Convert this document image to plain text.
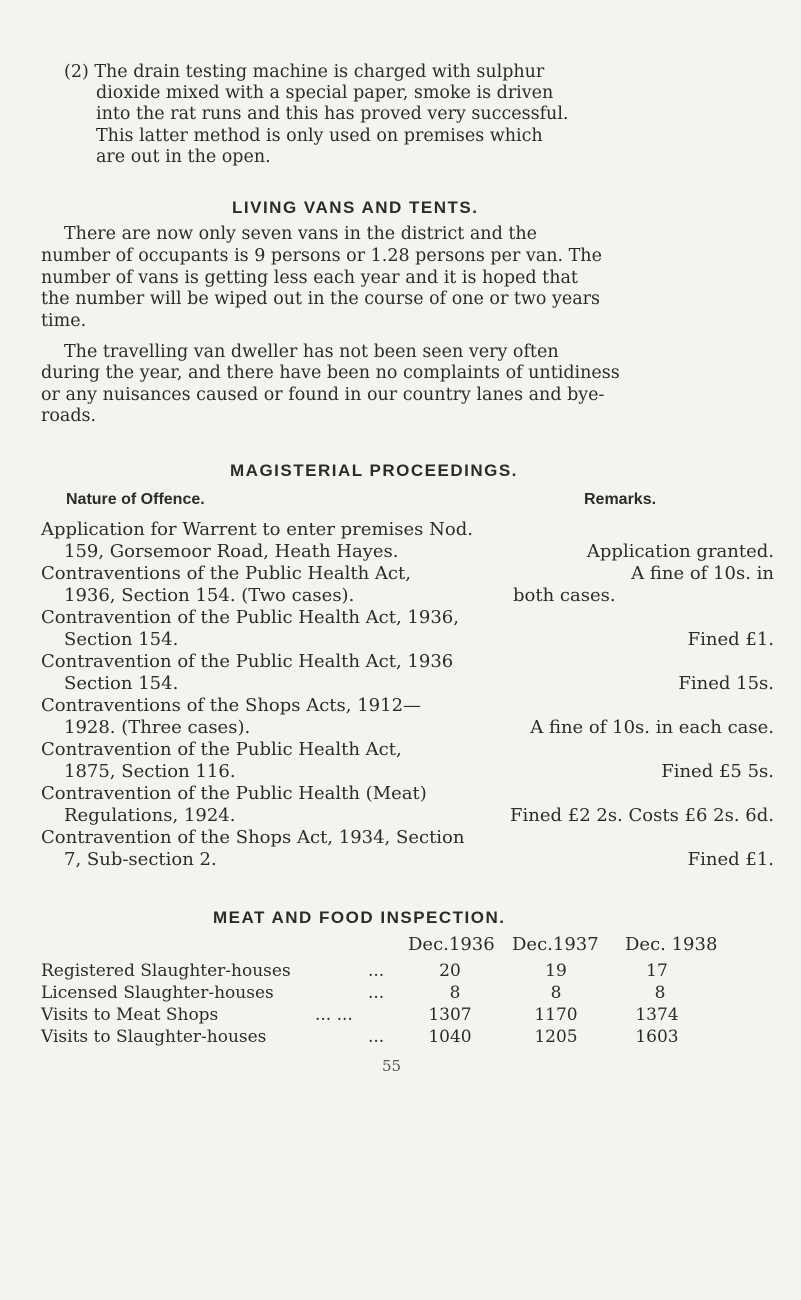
(2) The drain testing machine is charged with sulphur
dioxide mixed with a special paper, smoke is driven
into the rat runs and this has proved very successful.
This latter method is only used on premises which
are out in the open.
LIVING VANS AND TENTS.
There are now only seven vans in the district and the
number of occupants is 9 persons or 1.28 persons per van. The
number of vans is getting less each year and it is hoped that
the number will be wiped out in the course of one or two years
time.
The travelling van dweller has not been seen very often
during the year, and there have been no complaints of untidiness
or any nuisances caused or found in our country lanes and bye-
roads.
MAGISTERIAL PROCEEDINGS.
Nature of Offence.	Remarks.
Application for Warrent to enter premises Nod.
159, Gorsemoor Road, Heath Hayes.	Application granted.
Contraventions of the Public Health Act,	A fine of 10s. in
1936, Section 154. (Two cases).	both cases.
Contravention of the Public Health Act, 1936,
Section 154.	Fined £1.
Contravention of the Public Health Act, 1936
Section 154.	Fined 15s.
Contraventions of the Shops Acts, 1912—
1928. (Three cases).	A fine of 10s. in each case.
Contravention of the Public Health Act,
1875, Section 116.	Fined £5 5s.
Contravention of the Public Health (Meat)
Regulations, 1924.	Fined £2 2s. Costs £6 2s. 6d.
Contravention of the Shops Act, 1934, Section
7, Sub-section 2.	Fined £1.
MEAT AND FOOD INSPECTION.
Dec.1936 Dec.1937 Dec. 1938
Registered Slaughter-houses	...	20	19	17
Licensed Slaughter-houses	...	8	8	8
Visits to Meat Shops	... ...	1307	1170	1374
Visits to Slaughter-houses	...	1040	1205	1603
55
